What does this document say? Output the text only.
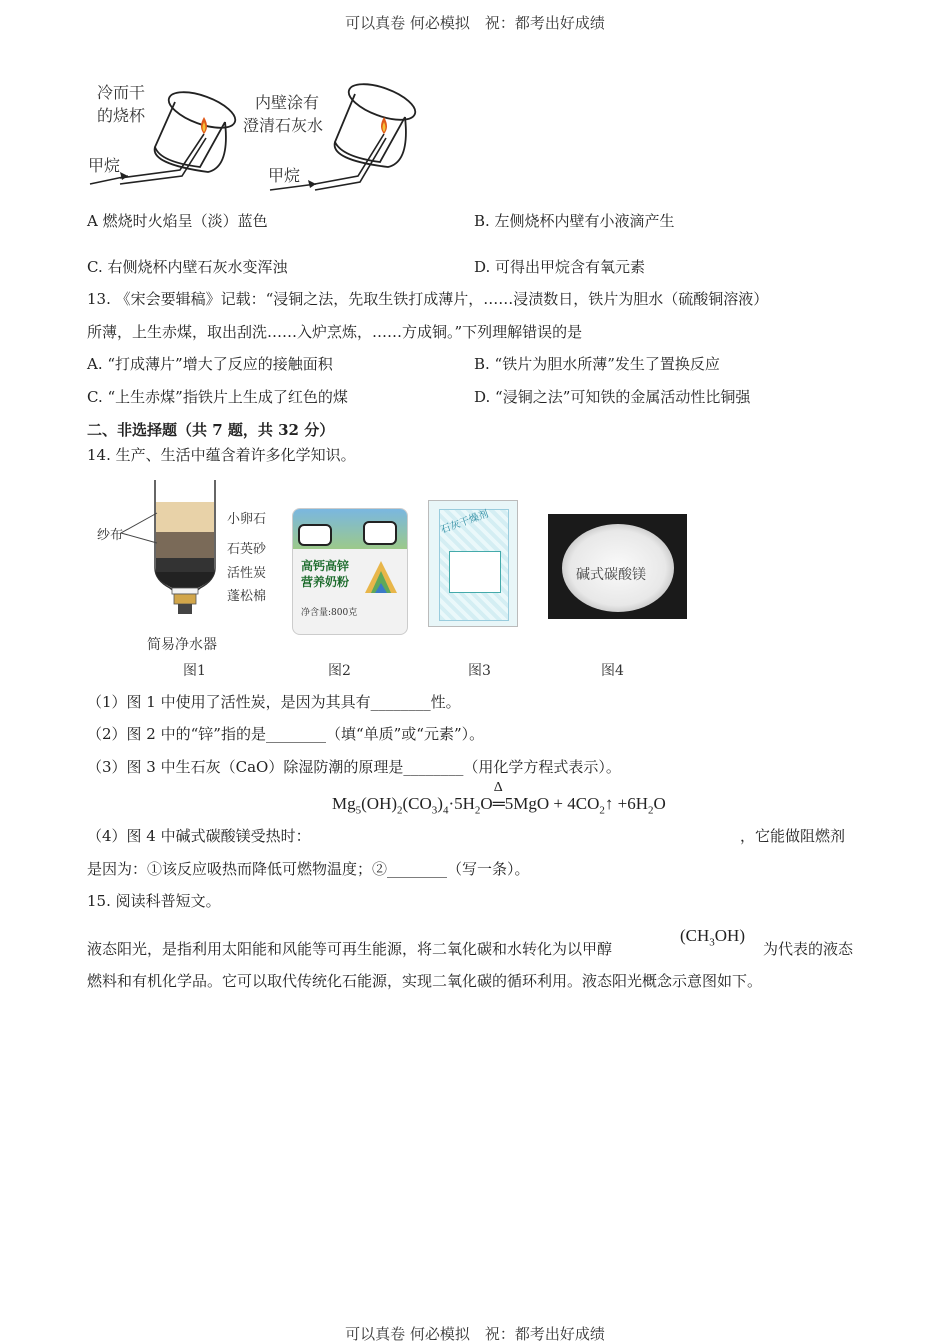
可以真卷 何必模拟　祝：都考出好成绩
冷而干
的烧杯
内壁涂有
澄清石灰水
甲烷
甲烷
A 燃烧时火焰呈（淡）蓝色	B. 左侧烧杯内壁有小液滴产生
C. 右侧烧杯内壁石灰水变浑浊	D. 可得出甲烷含有氧元素
13. 《宋会要辑稿》记载：“浸铜之法，先取生铁打成薄片，……浸渍数日，铁片为胆水（硫酸铜溶液）
所薄，上生赤煤，取出刮洗……入炉烹炼，……方成铜。”下列理解错误的是
A. “打成薄片”增大了反应的接触面积	B. “铁片为胆水所薄”发生了置换反应
C. “上生赤煤”指铁片上生成了红色的煤	D. “浸铜之法”可知铁的金属活动性比铜强
二、非选择题（共 7 题，共 32 分）
14. 生产、生活中蕴含着许多化学知识。
纱布
小卵石
石英砂
活性炭
蓬松棉
简易净水器
高钙高锌
营养奶粉
净含量:800克
石灰干燥剂
碱式碳酸镁
图1	图2	图3	图4
（1）图 1 中使用了活性炭，是因为其具有________性。
（2）图 2 中的“锌”指的是________（填“单质”或“元素”）。
（3）图 3 中生石灰（CaO）除湿防潮的原理是________（用化学方程式表示）。
$Mg_5(OH)_2(CO_3)_4\cdot 5H_2O$
Δ
═5MgO + $4CO_2↑ +6H_2O$
（4）图 4 中碱式碳酸镁受热时：	，它能做阻燃剂
是因为：①该反应吸热而降低可燃物温度；②________（写一条）。
15. 阅读科普短文。
液态阳光，是指利用太阳能和风能等可再生能源，将二氧化碳和水转化为以甲醇
$(CH_3OH)$
为代表的液态
燃料和有机化学品。它可以取代传统化石能源，实现二氧化碳的循环利用。液态阳光概念示意图如下。
可以真卷 何必模拟　祝：都考出好成绩
